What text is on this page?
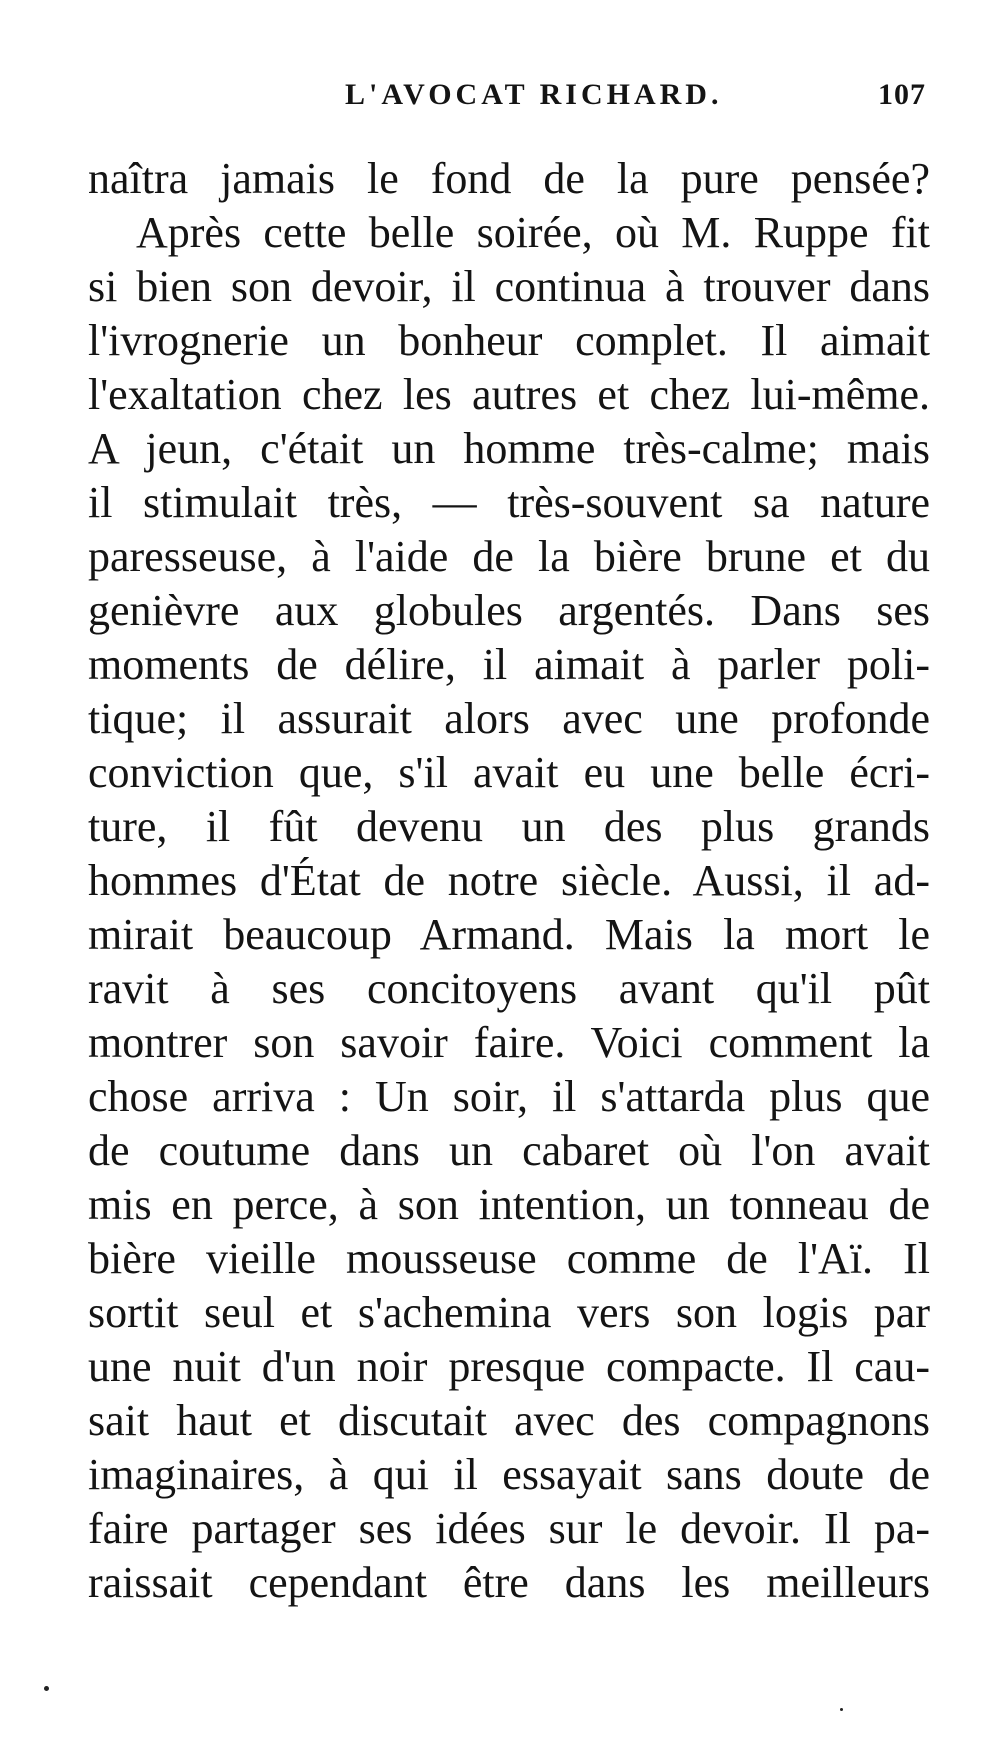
L'AVOCAT RICHARD.	107
naîtra jamais le fond de la pure pensée?
Après cette belle soirée, où M. Ruppe fit
si bien son devoir, il continua à trouver dans
l'ivrognerie un bonheur complet. Il aimait
l'exaltation chez les autres et chez lui-même.
A jeun, c'était un homme très-calme; mais
il stimulait très, — très-souvent sa nature
paresseuse, à l'aide de la bière brune et du
genièvre aux globules argentés. Dans ses
moments de délire, il aimait à parler poli-
tique; il assurait alors avec une profonde
conviction que, s'il avait eu une belle écri-
ture, il fût devenu un des plus grands
hommes d'État de notre siècle. Aussi, il ad-
mirait beaucoup Armand. Mais la mort le
ravit à ses concitoyens avant qu'il pût
montrer son savoir faire. Voici comment la
chose arriva : Un soir, il s'attarda plus que
de coutume dans un cabaret où l'on avait
mis en perce, à son intention, un tonneau de
bière vieille mousseuse comme de l'Aï. Il
sortit seul et s'achemina vers son logis par
une nuit d'un noir presque compacte. Il cau-
sait haut et discutait avec des compagnons
imaginaires, à qui il essayait sans doute de
faire partager ses idées sur le devoir. Il pa-
raissait cependant être dans les meilleurs
